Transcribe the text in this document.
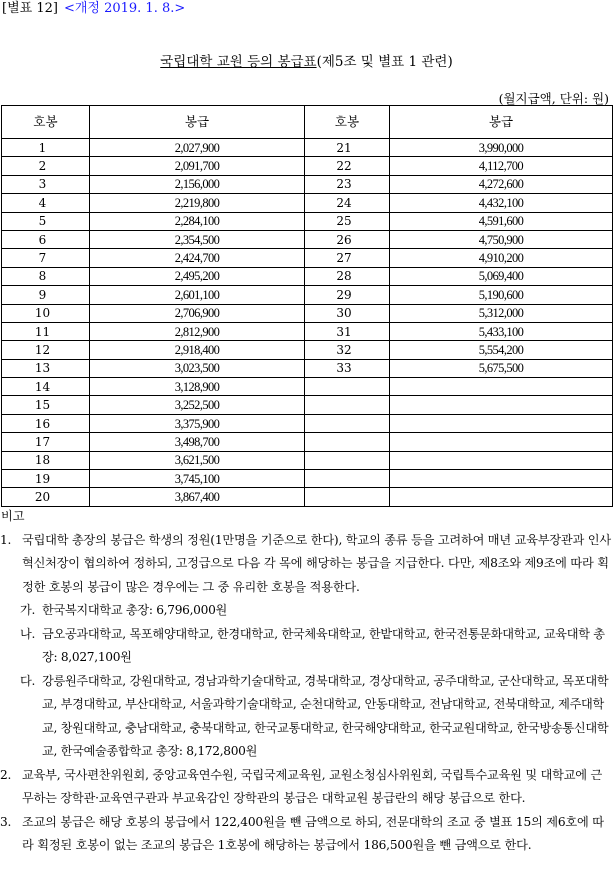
[별표 12] <개정 2019. 1. 8.>
국립대학 교원 등의 봉급표(제5조 및 별표 1 관련)
(월지급액, 단위: 원)
호봉	봉급	호봉	봉급
1	2,027,900	21	3,990,000
2	2,091,700	22	4,112,700
3	2,156,000	23	4,272,600
4	2,219,800	24	4,432,100
5	2,284,100	25	4,591,600
6	2,354,500	26	4,750,900
7	2,424,700	27	4,910,200
8	2,495,200	28	5,069,400
9	2,601,100	29	5,190,600
10	2,706,900	30	5,312,000
11	2,812,900	31	5,433,100
12	2,918,400	32	5,554,200
13	3,023,500	33	5,675,500
14	3,128,900		
15	3,252,500		
16	3,375,900		
17	3,498,700		
18	3,621,500		
19	3,745,100		
20	3,867,400		
비고

1. 국립대학 총장의 봉급은 학생의 정원(1만명을 기준으로 한다), 학교의 종류 등을 고려하여 매년 교육부장관과 인사혁신처장이 협의하여 정하되, 고정급으로 다음 각 목에 해당하는 봉급을 지급한다. 다만, 제8조와 제9조에 따라 획정한 호봉의 봉급이 많은 경우에는 그 중 유리한 호봉을 적용한다.

가. 한국복지대학교 총장: 6,796,000원

나. 금오공과대학교, 목포해양대학교, 한경대학교, 한국체육대학교, 한밭대학교, 한국전통문화대학교, 교육대학 총장: 8,027,100원

다. 강릉원주대학교, 강원대학교, 경남과학기술대학교, 경북대학교, 경상대학교, 공주대학교, 군산대학교, 목포대학교, 부경대학교, 부산대학교, 서울과학기술대학교, 순천대학교, 안동대학교, 전남대학교, 전북대학교, 제주대학교, 창원대학교, 충남대학교, 충북대학교, 한국교통대학교, 한국해양대학교, 한국교원대학교, 한국방송통신대학교, 한국예술종합학교 총장: 8,172,800원

2. 교육부, 국사편찬위원회, 중앙교육연수원, 국립국제교육원, 교원소청심사위원회, 국립특수교육원 및 대학교에 근무하는 장학관·교육연구관과 부교육감인 장학관의 봉급은 대학교원 봉급란의 해당 봉급으로 한다.

3. 조교의 봉급은 해당 호봉의 봉급에서 122,400원을 뺀 금액으로 하되, 전문대학의 조교 중 별표 15의 제6호에 따라 획정된 호봉이 없는 조교의 봉급은 1호봉에 해당하는 봉급에서 186,500원을 뺀 금액으로 한다.
